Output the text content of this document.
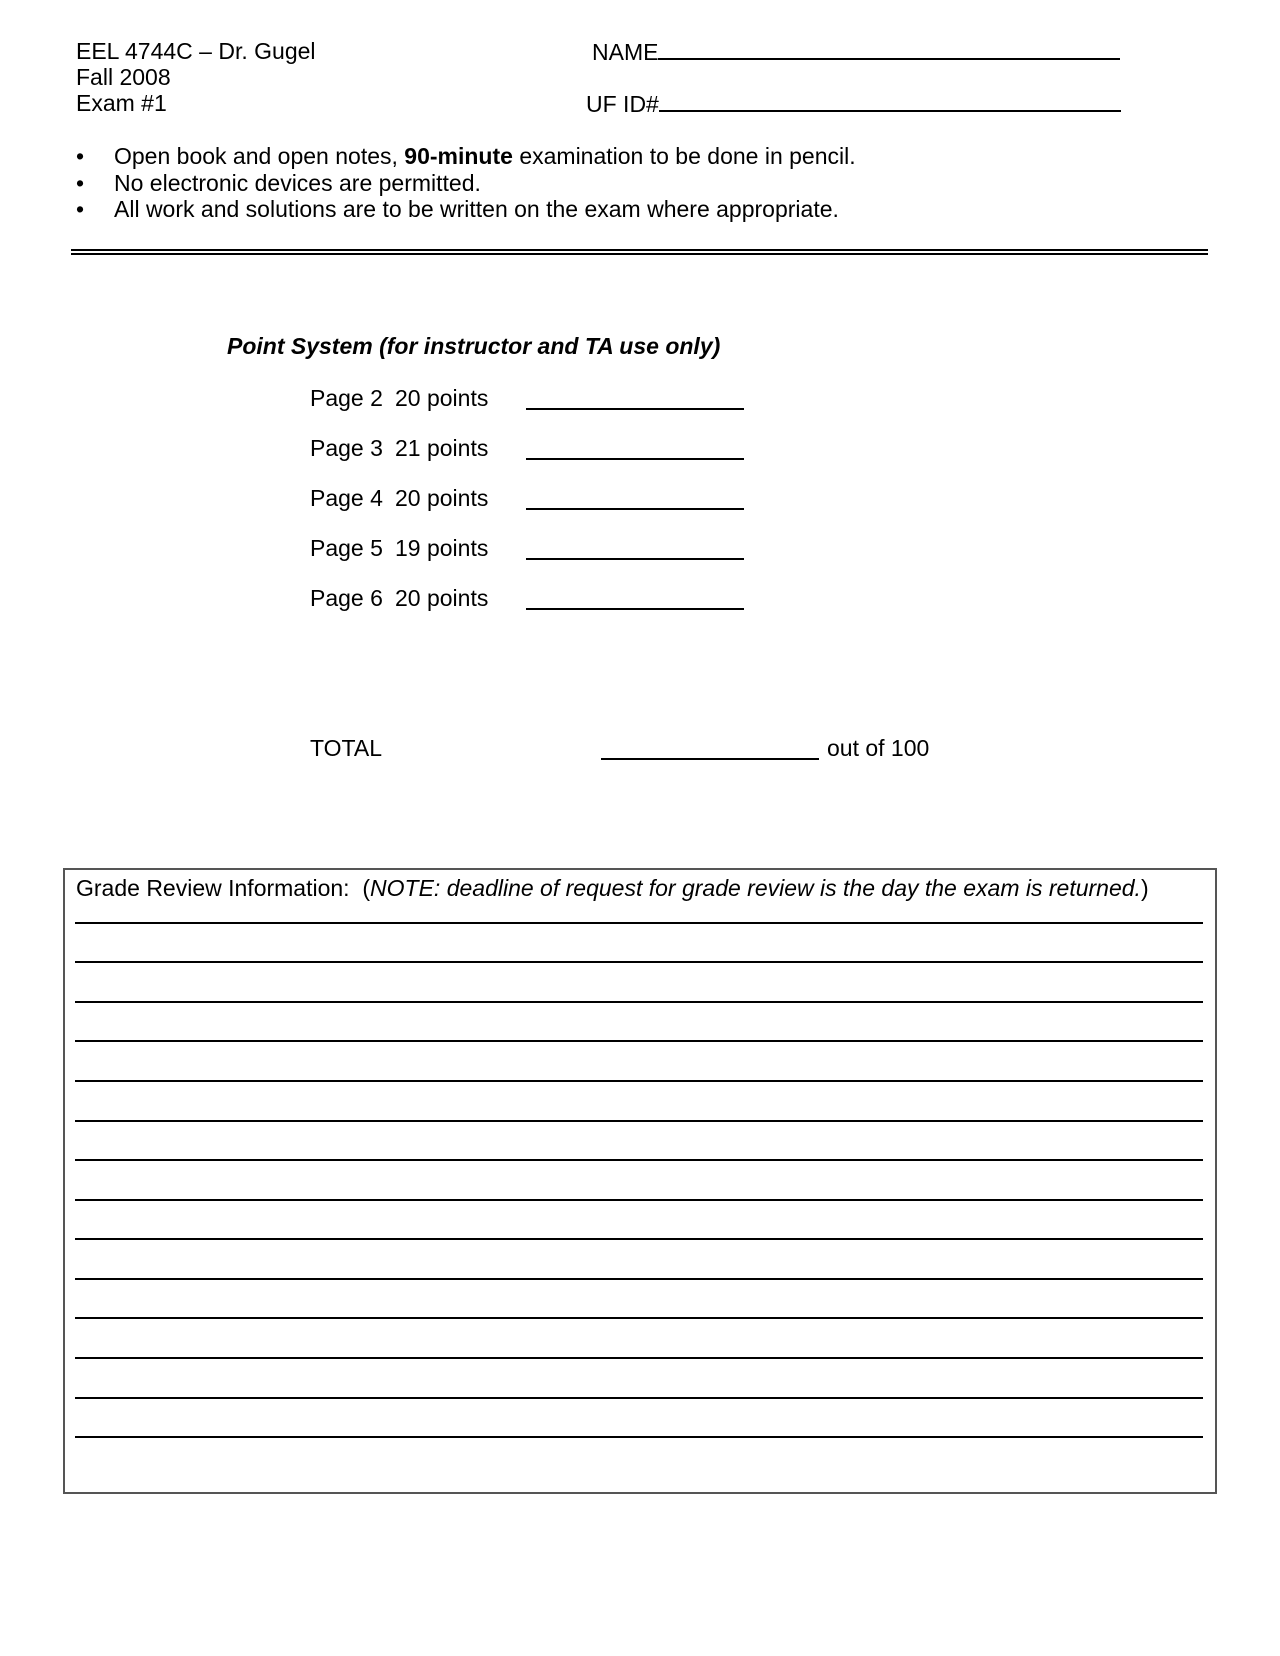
EEL 4744C – Dr. Gugel
Fall 2008
Exam #1
NAME
UF ID#
• Open book and open notes, 90-minute examination to be done in pencil.
• No electronic devices are permitted.
• All work and solutions are to be written on the exam where appropriate.
Point System (for instructor and TA use only)
Page 2 20 points
Page 3 21 points
Page 4 20 points
Page 5 19 points
Page 6 20 points
TOTAL	out of 100
Grade Review Information: (NOTE: deadline of request for grade review is the day the exam is returned.)
